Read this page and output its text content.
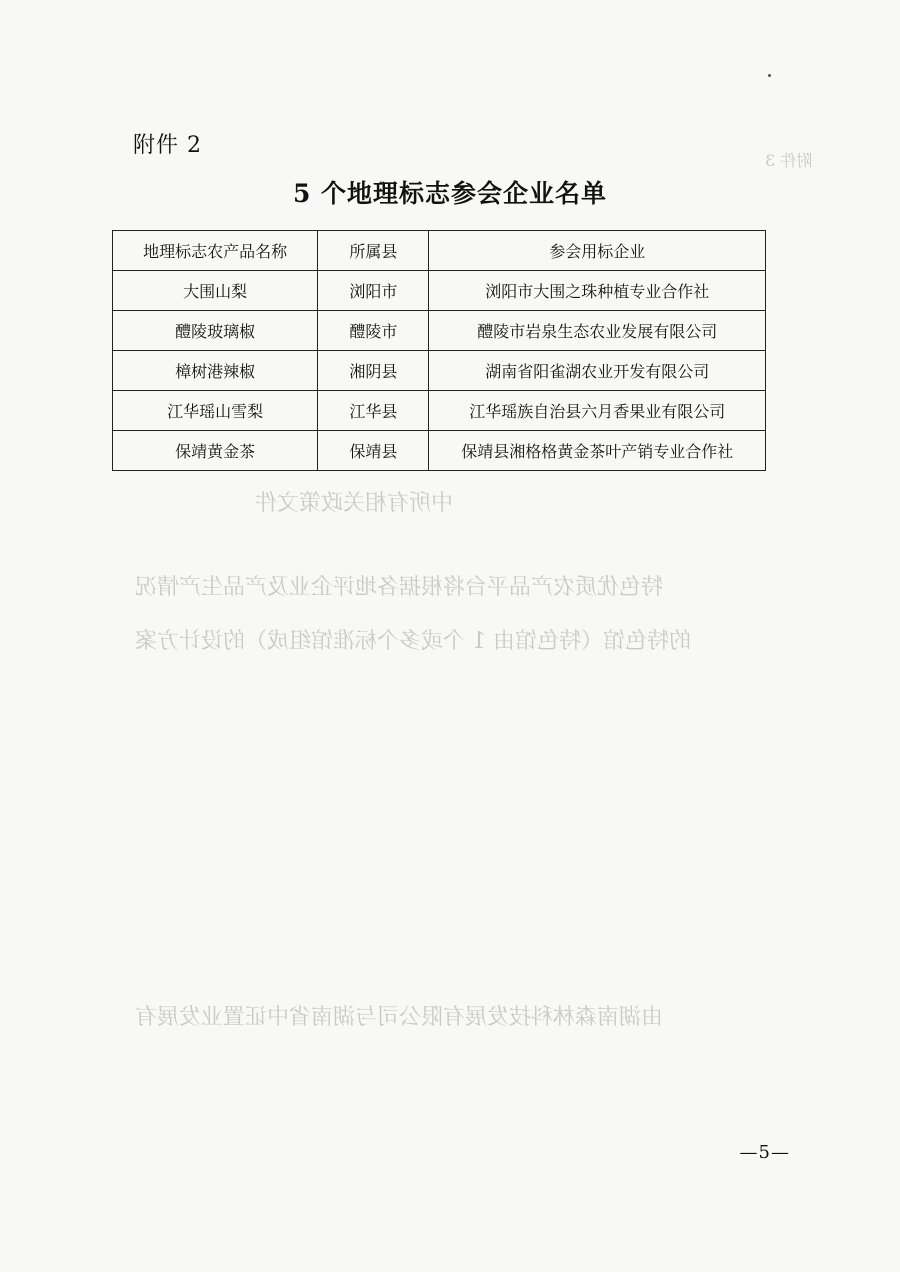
附件 3
中所有相关政策文件
特色优质农产品平台将根据各地评企业及产品生产情况
的特色馆（特色馆由 1 个或多个标准馆组成）的设计方案
由湖南森林科技发展有限公司与湖南省中证置业发展有
附件 2
5 个地理标志参会企业名单
地理标志农产品名称	所属县	参会用标企业
大围山梨	浏阳市	浏阳市大围之珠种植专业合作社
醴陵玻璃椒	醴陵市	醴陵市岩泉生态农业发展有限公司
樟树港辣椒	湘阴县	湖南省阳雀湖农业开发有限公司
江华瑶山雪梨	江华县	江华瑶族自治县六月香果业有限公司
保靖黄金茶	保靖县	保靖县湘格格黄金茶叶产销专业合作社
—5—
